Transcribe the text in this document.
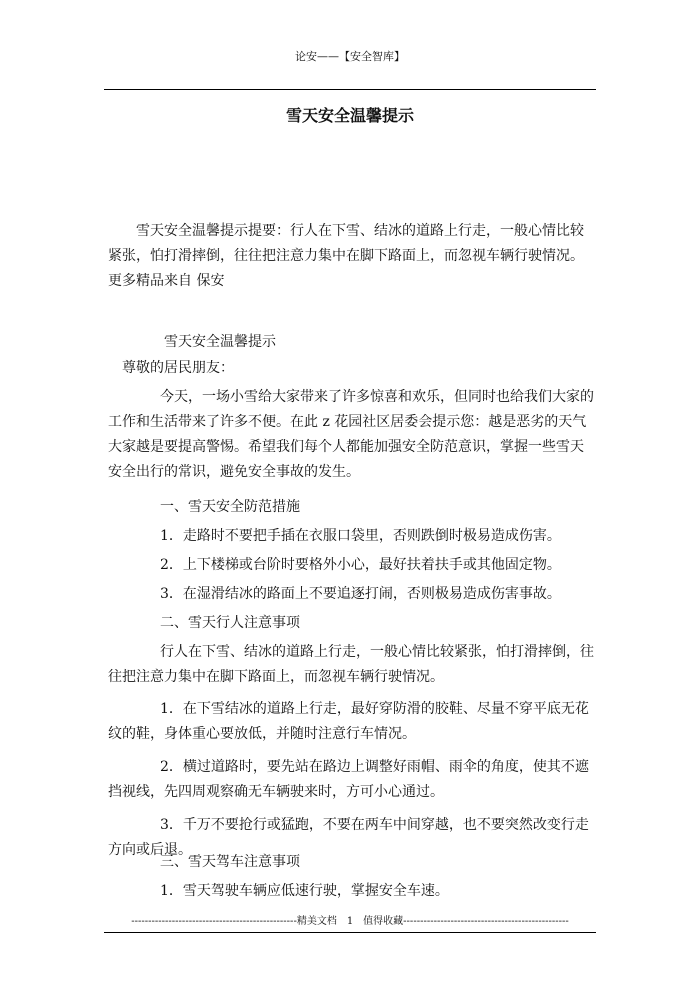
论安——【安全智库】
雪天安全温馨提示

雪天安全温馨提示提要：行人在下雪、结冰的道路上行走，一般心情比较紧张，怕打滑摔倒，往往把注意力集中在脚下路面上，而忽视车辆行驶情况。更多精品来自 保安

雪天安全温馨提示

尊敬的居民朋友：

今天，一场小雪给大家带来了许多惊喜和欢乐，但同时也给我们大家的工作和生活带来了许多不便。在此 z 花园社区居委会提示您：越是恶劣的天气大家越是要提高警惕。希望我们每个人都能加强安全防范意识，掌握一些雪天安全出行的常识，避免安全事故的发生。

一、雪天安全防范措施

1．走路时不要把手插在衣服口袋里，否则跌倒时极易造成伤害。

2．上下楼梯或台阶时要格外小心，最好扶着扶手或其他固定物。

3．在湿滑结冰的路面上不要追逐打闹，否则极易造成伤害事故。

二、雪天行人注意事项

行人在下雪、结冰的道路上行走，一般心情比较紧张，怕打滑摔倒，往往把注意力集中在脚下路面上，而忽视车辆行驶情况。

1．在下雪结冰的道路上行走，最好穿防滑的胶鞋、尽量不穿平底无花纹的鞋，身体重心要放低，并随时注意行车情况。

2．横过道路时，要先站在路边上调整好雨帽、雨伞的角度，使其不遮挡视线，先四周观察确无车辆驶来时，方可小心通过。

3．千万不要抢行或猛跑，不要在两车中间穿越，也不要突然改变行走方向或后退。

三、雪天驾车注意事项

1．雪天驾驶车辆应低速行驶，掌握安全车速。

-------------------------------------------------精美文档　1　值得收藏-------------------------------------------------
